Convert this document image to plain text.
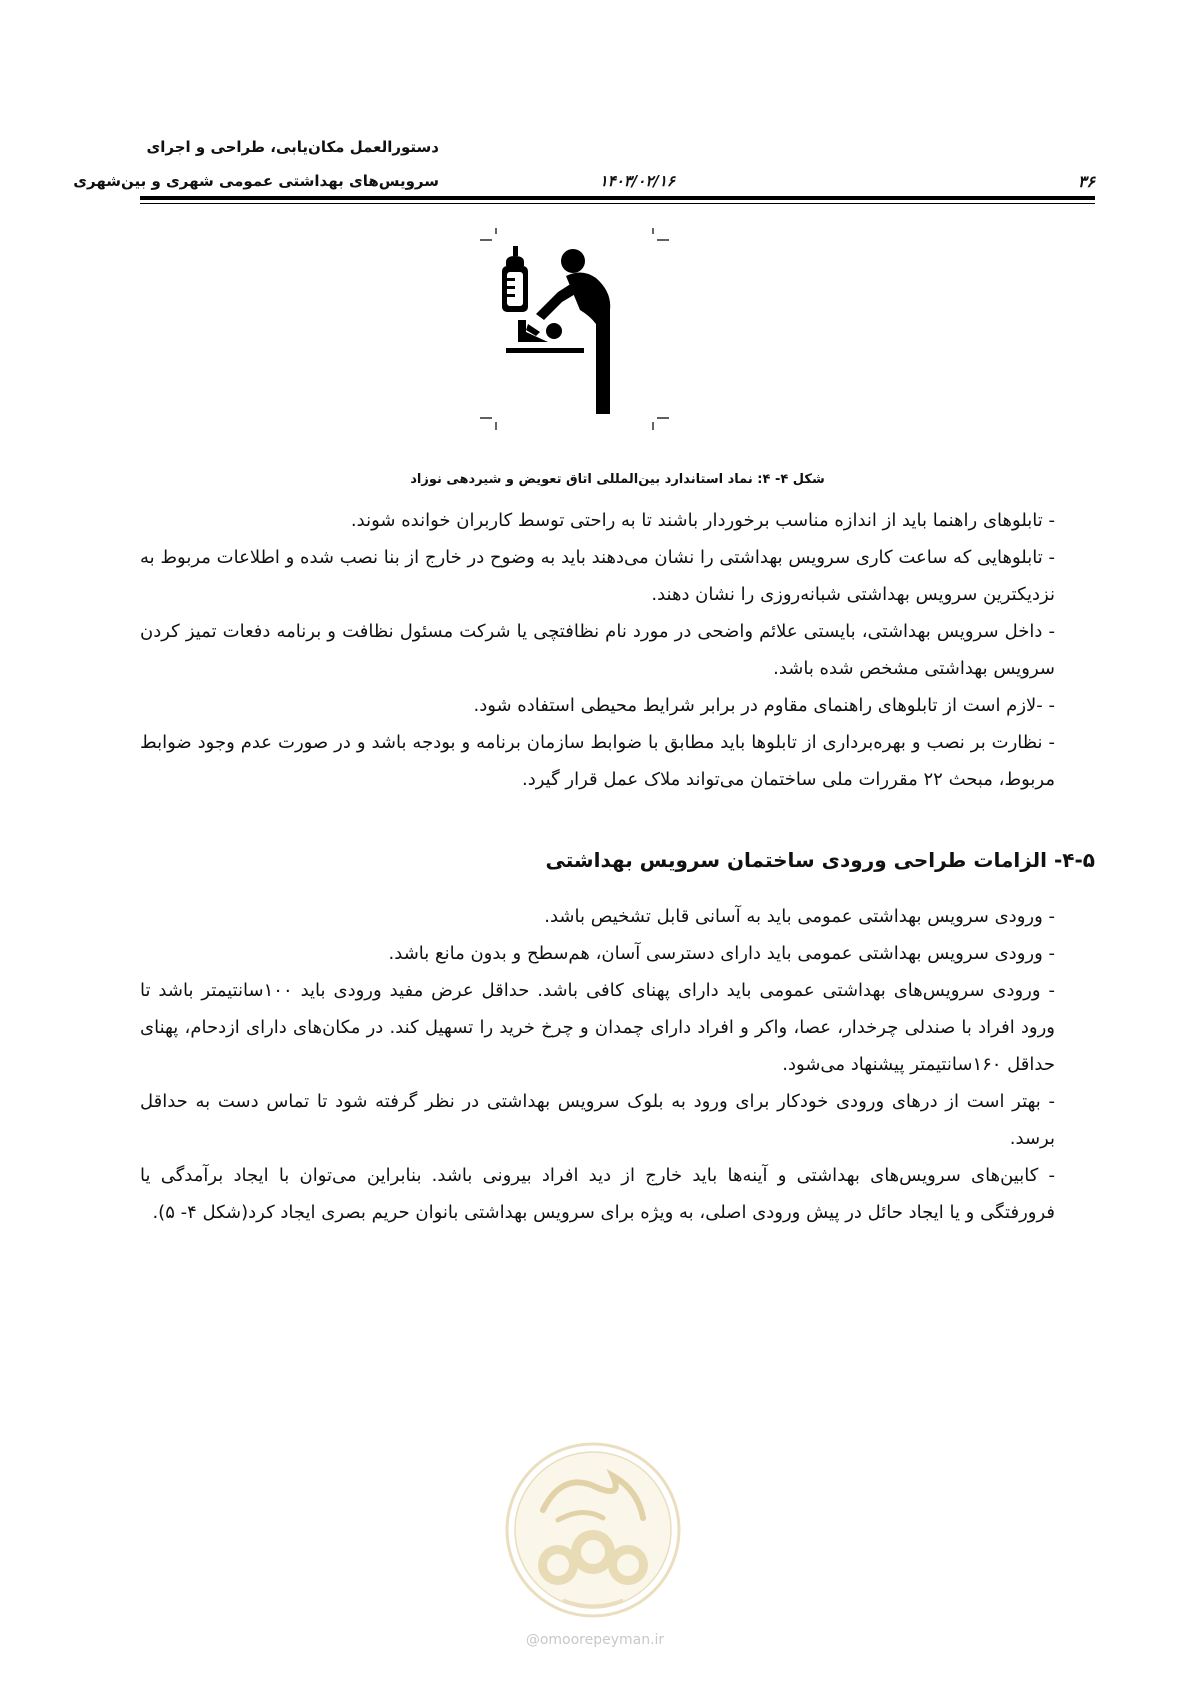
دستورالعمل مکان‌یابی، طراحی و اجرای
۳۶
۱۴۰۳/۰۲/۱۶
سرویس‌های بهداشتی عمومی شهری و بین‌شهری
شکل ۴- ۴: نماد استاندارد بین‌المللی اتاق تعویض و شیردهی نوزاد

- تابلوهای راهنما باید از اندازه مناسب برخوردار باشند تا به راحتی توسط کاربران خوانده شوند.

- تابلوهایی که ساعت کاری سرویس بهداشتی را نشان می‌دهند باید به وضوح در خارج از بنا نصب شده و اطلاعات مربوط به نزدیکترین سرویس بهداشتی شبانه‌روزی را نشان دهند.

- داخل سرویس بهداشتی، بایستی علائم واضحی در مورد نام نظافتچی یا شرکت مسئول نظافت و برنامه دفعات تمیز کردن سرویس بهداشتی مشخص شده باشد.

- -لازم است از تابلوهای راهنمای مقاوم در برابر شرایط محیطی استفاده شود.

- نظارت بر نصب و بهره‌برداری از تابلوها باید مطابق با ضوابط سازمان برنامه و بودجه باشد و در صورت عدم وجود ضوابط مربوط، مبحث ۲۲ مقررات ملی ساختمان می‌تواند ملاک عمل قرار گیرد.

۴-۵- الزامات طراحی ورودی ساختمان سرویس بهداشتی

- ورودی سرویس بهداشتی عمومی باید به آسانی قابل تشخیص باشد.

- ورودی سرویس بهداشتی عمومی باید دارای دسترسی آسان، هم‌سطح و بدون مانع باشد.

- ورودی سرویس‌های بهداشتی عمومی باید دارای پهنای کافی باشد. حداقل عرض مفید ورودی باید ۱۰۰سانتیمتر باشد تا ورود افراد با صندلی چرخدار، عصا، واکر و افراد دارای چمدان و چرخ خرید را تسهیل کند. در مکان‌های دارای ازدحام، پهنای حداقل ۱۶۰سانتیمتر پیشنهاد می‌شود.

- بهتر است از درهای ورودی خودکار برای ورود به بلوک سرویس بهداشتی در نظر گرفته شود تا تماس دست به حداقل برسد.

- کابین‌های سرویس‌های بهداشتی و آینه‌ها باید خارج از دید افراد بیرونی باشد. بنابراین می‌توان با ایجاد برآمدگی یا فرورفتگی و یا ایجاد حائل در پیش ورودی اصلی، به ویژه برای سرویس بهداشتی بانوان حریم بصری ایجاد کرد(شکل ۴- ۵).

@omoorepeyman.ir
